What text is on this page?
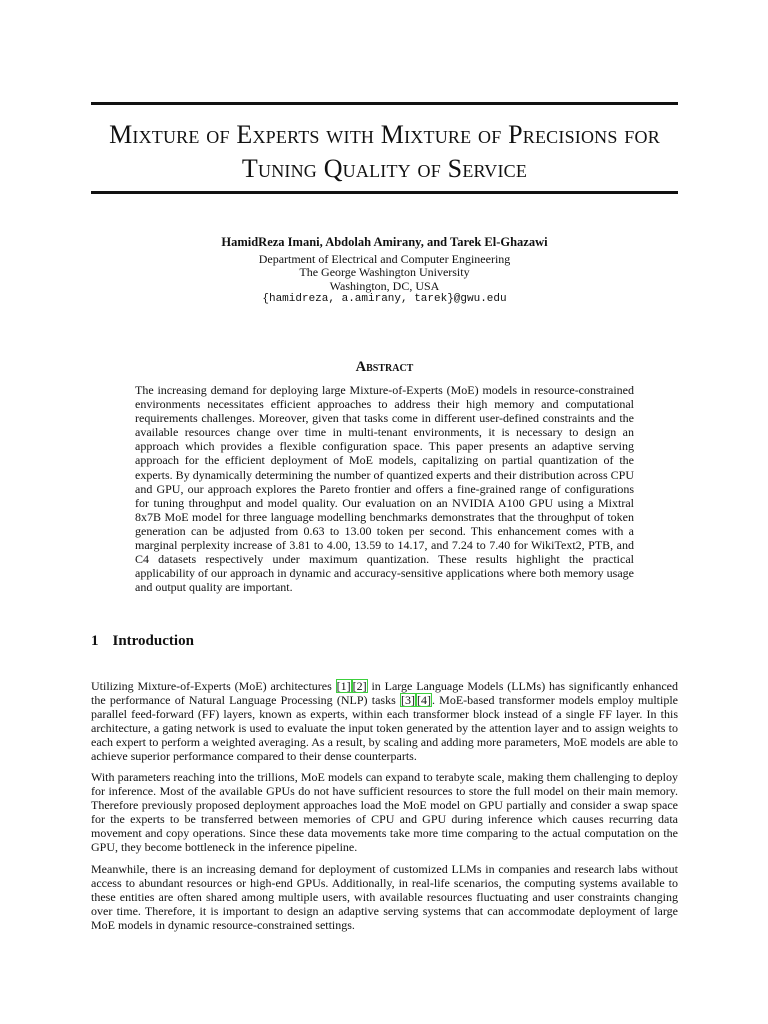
Mixture of Experts with Mixture of Precisions for
Tuning Quality of Service
HamidReza Imani, Abdolah Amirany, and Tarek El-Ghazawi
Department of Electrical and Computer Engineering
The George Washington University
Washington, DC, USA
{hamidreza, a.amirany, tarek}@gwu.edu
Abstract

The increasing demand for deploying large Mixture-of-Experts (MoE) models in resource-constrained environments necessitates efficient approaches to address their high memory and computational requirements challenges. Moreover, given that tasks come in different user-defined constraints and the available resources change over time in multi-tenant environments, it is necessary to design an approach which provides a flexible configuration space. This paper presents an adaptive serving approach for the efficient deployment of MoE models, capitalizing on partial quantization of the experts. By dynamically determining the number of quantized experts and their distribution across CPU and GPU, our approach explores the Pareto frontier and offers a fine-grained range of configurations for tuning throughput and model quality. Our evaluation on an NVIDIA A100 GPU using a Mixtral 8x7B MoE model for three language modelling benchmarks demonstrates that the throughput of token generation can be adjusted from 0.63 to 13.00 token per second. This enhancement comes with a marginal perplexity increase of 3.81 to 4.00, 13.59 to 14.17, and 7.24 to 7.40 for WikiText2, PTB, and C4 datasets respectively under maximum quantization. These results highlight the practical applicability of our approach in dynamic and accuracy-sensitive applications where both memory usage and output quality are important.

1 Introduction

Utilizing Mixture-of-Experts (MoE) architectures [1] [2] in Large Language Models (LLMs) has significantly enhanced the performance of Natural Language Processing (NLP) tasks [3] [4]. MoE-based transformer models employ multiple parallel feed-forward (FF) layers, known as experts, within each transformer block instead of a single FF layer. In this architecture, a gating network is used to evaluate the input token generated by the attention layer and to assign weights to each expert to perform a weighted averaging. As a result, by scaling and adding more parameters, MoE models are able to achieve superior performance compared to their dense counterparts.

With parameters reaching into the trillions, MoE models can expand to terabyte scale, making them challenging to deploy for inference. Most of the available GPUs do not have sufficient resources to store the full model on their main memory. Therefore previously proposed deployment approaches load the MoE model on GPU partially and consider a swap space for the experts to be transferred between memories of CPU and GPU during inference which causes recurring data movement and copy operations. Since these data movements take more time comparing to the actual computation on the GPU, they become bottleneck in the inference pipeline.

Meanwhile, there is an increasing demand for deployment of customized LLMs in companies and research labs without access to abundant resources or high-end GPUs. Additionally, in real-life scenarios, the computing systems available to these entities are often shared among multiple users, with available resources fluctuating and user constraints changing over time. Therefore, it is important to design an adaptive serving systems that can accommodate deployment of large MoE models in dynamic resource-constrained settings.
